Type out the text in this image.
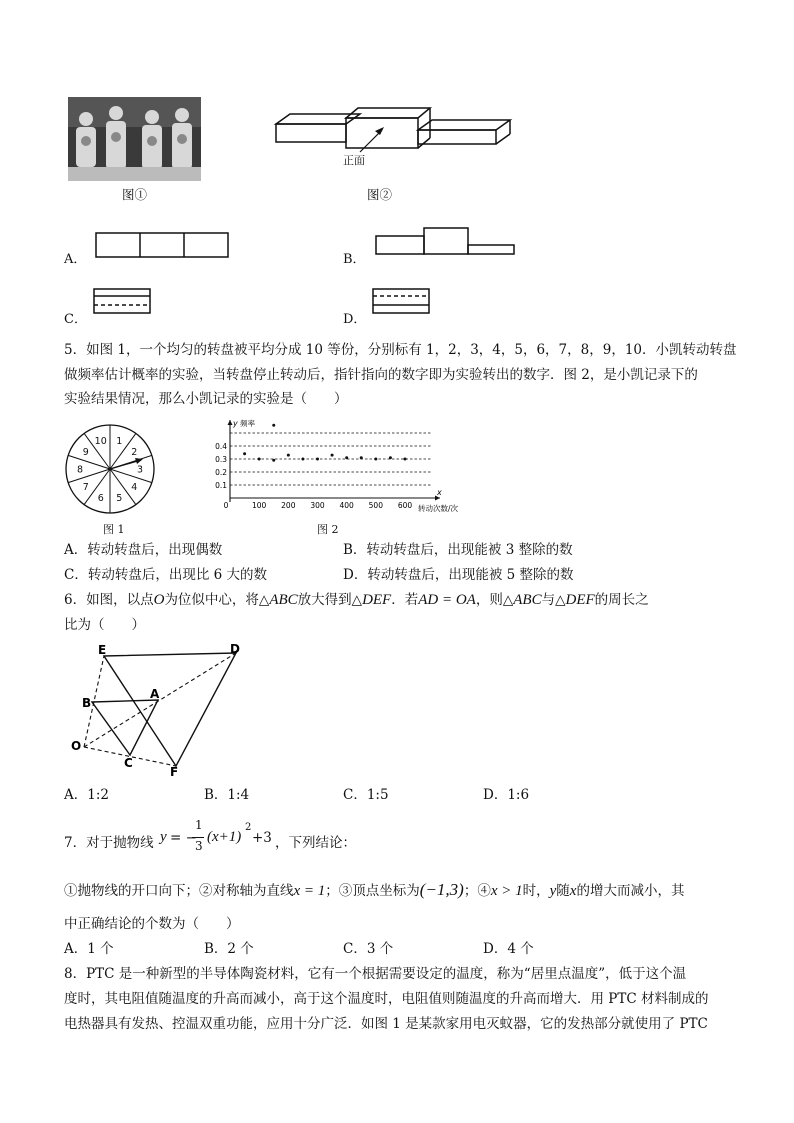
图①
正面
图②
A．	B．
C．	D．
5．如图 1，一个均匀的转盘被平均分成 10 等份，分别标有 1，2，3，4，5，6，7，8，9，10．小凯转动转盘
做频率估计概率的实验，当转盘停止转动后，指针指向的数字即为实验转出的数字．图 2，是小凯记录下的
实验结果情况，那么小凯记录的实验是（　　）
1
2
3
4
5
6
7
8
9
10
图 1
0.1
0.2
0.3
0.4
100 200 300 400 500 600
0
y 频率
x
转动次数/次
图 2
A．转动转盘后，出现偶数	B．转动转盘后，出现能被 3 整除的数
C．转动转盘后，出现比 6 大的数	D．转动转盘后，出现能被 5 整除的数
6．如图，以点O为位似中心，将△ABC放大得到△DEF．若AD = OA，则△ABC与△DEF的周长之
比为（　　）
E	D
A
B
O
C
F
A．1:2	B．1:4	C．1:5	D．1:6
7．对于抛物线 y = −
1
3
(x+1)
2
+3 ，下列结论：
①抛物线的开口向下；②对称轴为直线x = 1；③顶点坐标为(−1,3)；④x > 1时，y随x的增大而减小，其
中正确结论的个数为（　　）
A．1 个	B．2 个	C．3 个	D．4 个
8．PTC 是一种新型的半导体陶瓷材料，它有一个根据需要设定的温度，称为“居里点温度”，低于这个温
度时，其电阻值随温度的升高而减小，高于这个温度时，电阻值则随温度的升高而增大．用 PTC 材料制成的
电热器具有发热、控温双重功能，应用十分广泛．如图 1 是某款家用电灭蚊器，它的发热部分就使用了 PTC
